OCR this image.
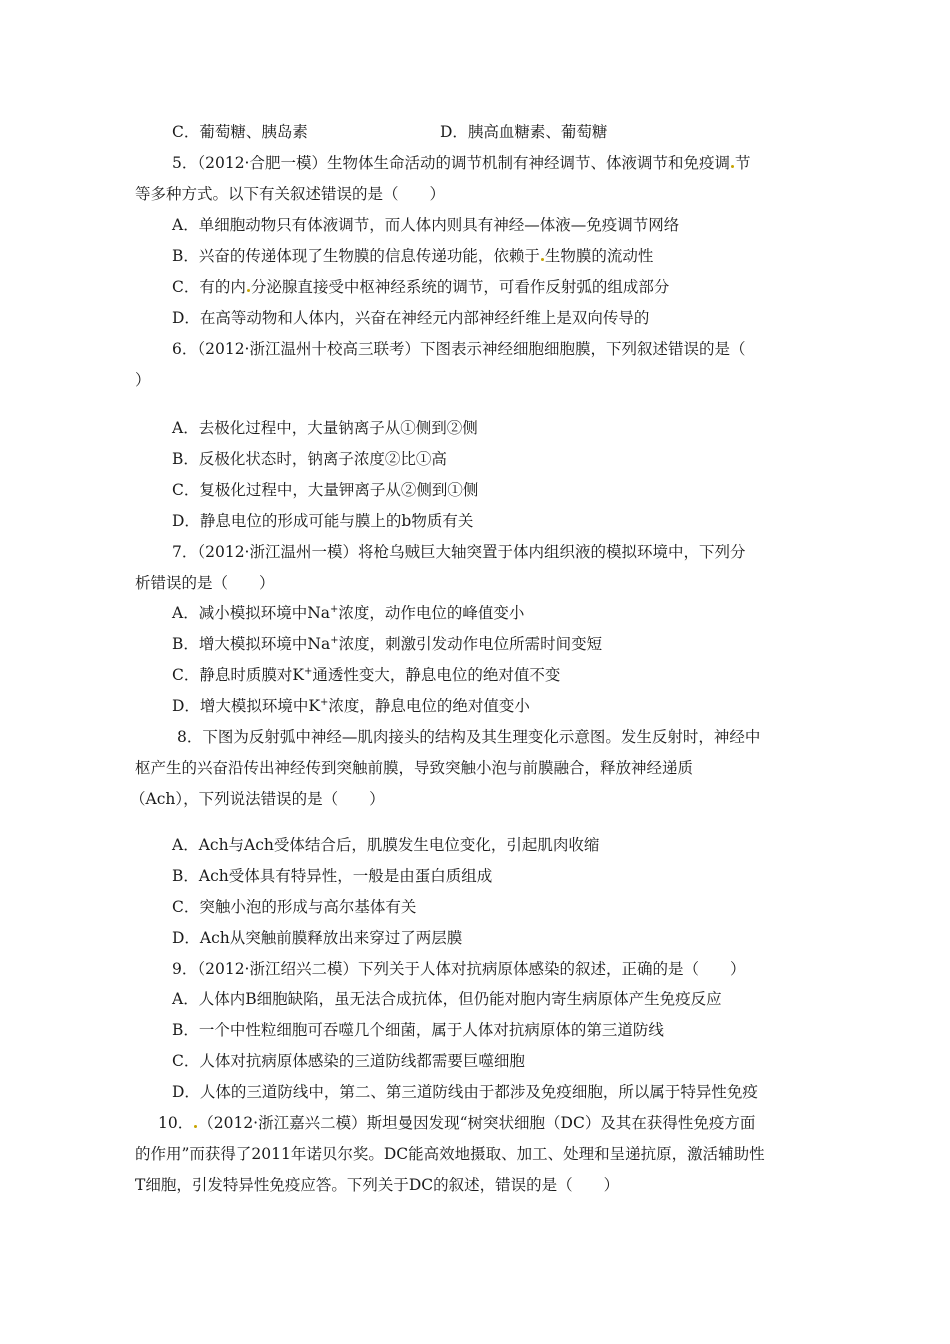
C．葡萄糖、胰岛素	D．胰高血糖素、葡萄糖
5．（2012·合肥一模）生物体生命活动的调节机制有神经调节、体液调节和免疫调 节
等多种方式。以下有关叙述错误的是（　　）
A．单细胞动物只有体液调节，而人体内则具有神经—体液—免疫调节网络
B．兴奋的传递体现了生物膜的信息传递功能，依赖于 生物膜的流动性
C．有的内 分泌腺直接受中枢神经系统的调节，可看作反射弧的组成部分
D．在高等动物和人体内，兴奋在神经元内部神经纤维上是双向传导的
6．（2012·浙江温州十校高三联考）下图表示神经细胞细胞膜，下列叙述错误的是（
）
A．去极化过程中，大量钠离子从①侧到②侧
B．反极化状态时，钠离子浓度②比①高
C．复极化过程中，大量钾离子从②侧到①侧
D．静息电位的形成可能与膜上的b物质有关
7．（2012·浙江温州一模）将枪乌贼巨大轴突置于体内组织液的模拟环境中，下列分
析错误的是（　　）
A．减小模拟环境中Na+浓度，动作电位的峰值变小
B．增大模拟环境中Na+浓度，刺激引发动作电位所需时间变短
C．静息时质膜对K+通透性变大，静息电位的绝对值不变
D．增大模拟环境中K+浓度，静息电位的绝对值变小
8．下图为反射弧中神经—肌肉接头的结构及其生理变化示意图。发生反射时，神经中
枢产生的兴奋沿传出神经传到突触前膜，导致突触小泡与前膜融合，释放神经递质
（Ach），下列说法错误的是（　　）
A．Ach与Ach受体结合后，肌膜发生电位变化，引起肌肉收缩
B．Ach受体具有特异性，一般是由蛋白质组成
C．突触小泡的形成与高尔基体有关
D．Ach从突触前膜释放出来穿过了两层膜
9．（2012·浙江绍兴二模）下列关于人体对抗病原体感染的叙述，正确的是（　　）
A．人体内B细胞缺陷，虽无法合成抗体，但仍能对胞内寄生病原体产生免疫反应
B．一个中性粒细胞可吞噬几个细菌，属于人体对抗病原体的第三道防线
C．人体对抗病原体感染的三道防线都需要巨噬细胞
D．人体的三道防线中，第二、第三道防线由于都涉及免疫细胞，所以属于特异性免疫
10． （2012·浙江嘉兴二模）斯坦曼因发现“树突状细胞（DC）及其在获得性免疫方面
的作用”而获得了2011年诺贝尔奖。DC能高效地摄取、加工、处理和呈递抗原，激活辅助性
T细胞，引发特异性免疫应答。下列关于DC的叙述，错误的是（　　）
